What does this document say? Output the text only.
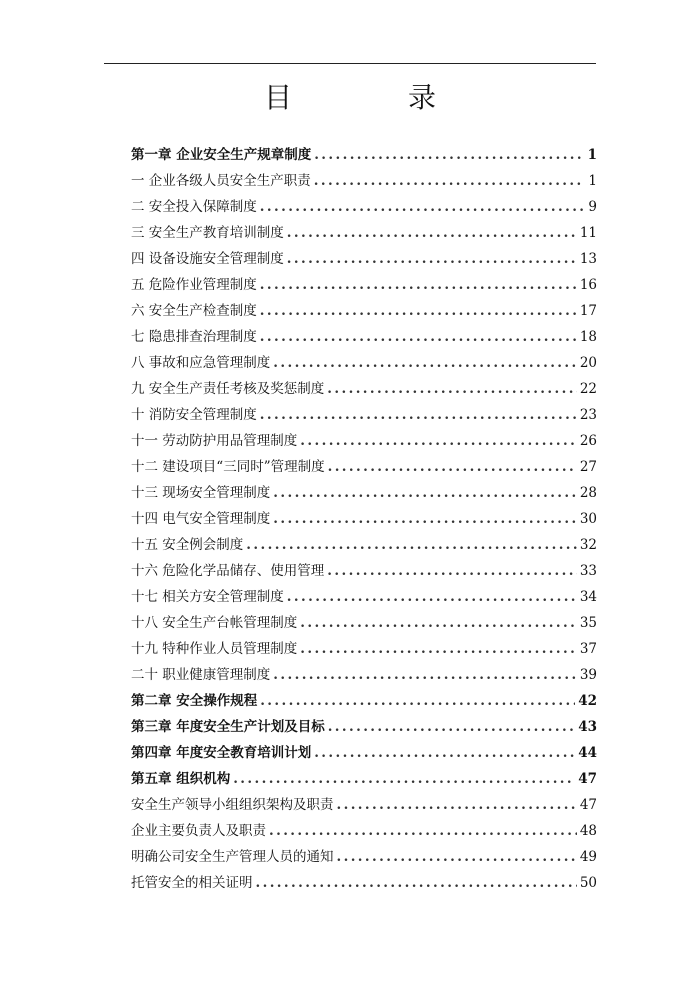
目　录
第一章 企业安全生产规章制度 .....	1
一 企业各级人员安全生产职责 .....	1
二 安全投入保障制度 .....	9
三 安全生产教育培训制度 .....	11
四 设备设施安全管理制度 .....	13
五 危险作业管理制度 .....	16
六 安全生产检查制度 .....	17
七 隐患排查治理制度 .....	18
八 事故和应急管理制度 .....	20
九 安全生产责任考核及奖惩制度 .....	22
十 消防安全管理制度 .....	23
十一 劳动防护用品管理制度 .....	26
十二 建设项目“三同时”管理制度 .....	27
十三 现场安全管理制度 .....	28
十四 电气安全管理制度 .....	30
十五 安全例会制度 .....	32
十六 危险化学品储存、使用管理 .....	33
十七 相关方安全管理制度 .....	34
十八 安全生产台帐管理制度 .....	35
十九 特种作业人员管理制度 .....	37
二十 职业健康管理制度 .....	39
第二章 安全操作规程 .....	42
第三章 年度安全生产计划及目标 .....	43
第四章 年度安全教育培训计划 .....	44
第五章 组织机构 .....	47
安全生产领导小组组织架构及职责 .....	47
企业主要负责人及职责 .....	48
明确公司安全生产管理人员的通知 .....	49
托管安全的相关证明 .....	50
